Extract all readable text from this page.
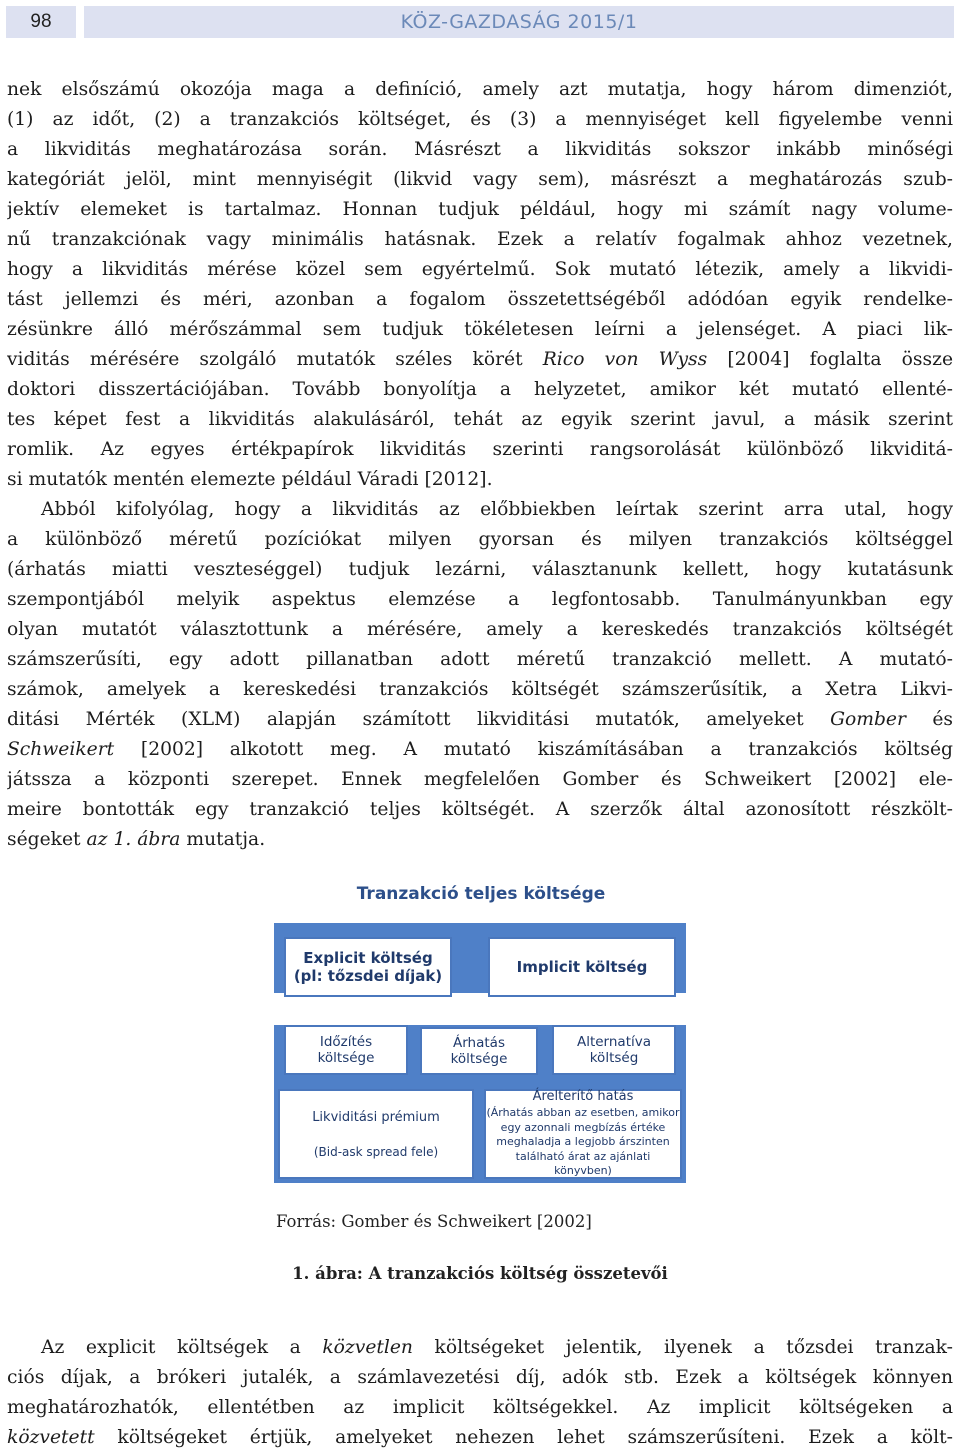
98	KÖZ-GAZDASÁG 2015/1
nek elsőszámú okozója maga a definíció, amely azt mutatja, hogy három dimenziót,
(1) az időt, (2) a tranzakciós költséget, és (3) a mennyiséget kell figyelembe venni
a likviditás meghatározása során. Másrészt a likviditás sokszor inkább minőségi
kategóriát jelöl, mint mennyiségit (likvid vagy sem), másrészt a meghatározás szub-
jektív elemeket is tartalmaz. Honnan tudjuk például, hogy mi számít nagy volume-
nű tranzakciónak vagy minimális hatásnak. Ezek a relatív fogalmak ahhoz vezetnek,
hogy a likviditás mérése közel sem egyértelmű. Sok mutató létezik, amely a likvidi-
tást jellemzi és méri, azonban a fogalom összetettségéből adódóan egyik rendelke-
zésünkre álló mérőszámmal sem tudjuk tökéletesen leírni a jelenséget. A piaci lik-
viditás mérésére szolgáló mutatók széles körét Rico von Wyss [2004] foglalta össze
doktori disszertációjában. Tovább bonyolítja a helyzetet, amikor két mutató ellenté-
tes képet fest a likviditás alakulásáról, tehát az egyik szerint javul, a másik szerint
romlik. Az egyes értékpapírok likviditás szerinti rangsorolását különböző likviditá-
si mutatók mentén elemezte például Váradi [2012].
Abból kifolyólag, hogy a likviditás az előbbiekben leírtak szerint arra utal, hogy
a különböző méretű pozíciókat milyen gyorsan és milyen tranzakciós költséggel
(árhatás miatti veszteséggel) tudjuk lezárni, választanunk kellett, hogy kutatásunk
szempontjából melyik aspektus elemzése a legfontosabb. Tanulmányunkban egy
olyan mutatót választottunk a mérésére, amely a kereskedés tranzakciós költségét
számszerűsíti, egy adott pillanatban adott méretű tranzakció mellett. A mutató-
számok, amelyek a kereskedési tranzakciós költségét számszerűsítik, a Xetra Likvi-
ditási Mérték (XLM) alapján számított likviditási mutatók, amelyeket Gomber és
Schweikert [2002] alkotott meg. A mutató kiszámításában a tranzakciós költség
játssza a központi szerepet. Ennek megfelelően Gomber és Schweikert [2002] ele-
meire bontották egy tranzakció teljes költségét. A szerzők által azonosított részkölt-
ségeket az 1. ábra mutatja.
Tranzakció teljes költsége
Explicit költség
(pl: tőzsdei díjak)	Implicit költség
Időzítés
költsége
Árhatás
költsége
Alternatíva
költség
Likviditási prémium
(Bid-ask spread fele)
Árelterítő hatás
(Árhatás abban az esetben, amikor
egy azonnali megbízás értéke
meghaladja a legjobb árszinten
található árat az ajánlati könyvben)
Forrás: Gomber és Schweikert [2002]
1. ábra: A tranzakciós költség összetevői
Az explicit költségek a közvetlen költségeket jelentik, ilyenek a tőzsdei tranzak-
ciós díjak, a brókeri jutalék, a számlavezetési díj, adók stb. Ezek a költségek könnyen
meghatározhatók, ellentétben az implicit költségekkel. Az implicit költségeken a
közvetett költségeket értjük, amelyeket nehezen lehet számszerűsíteni. Ezek a költ-
